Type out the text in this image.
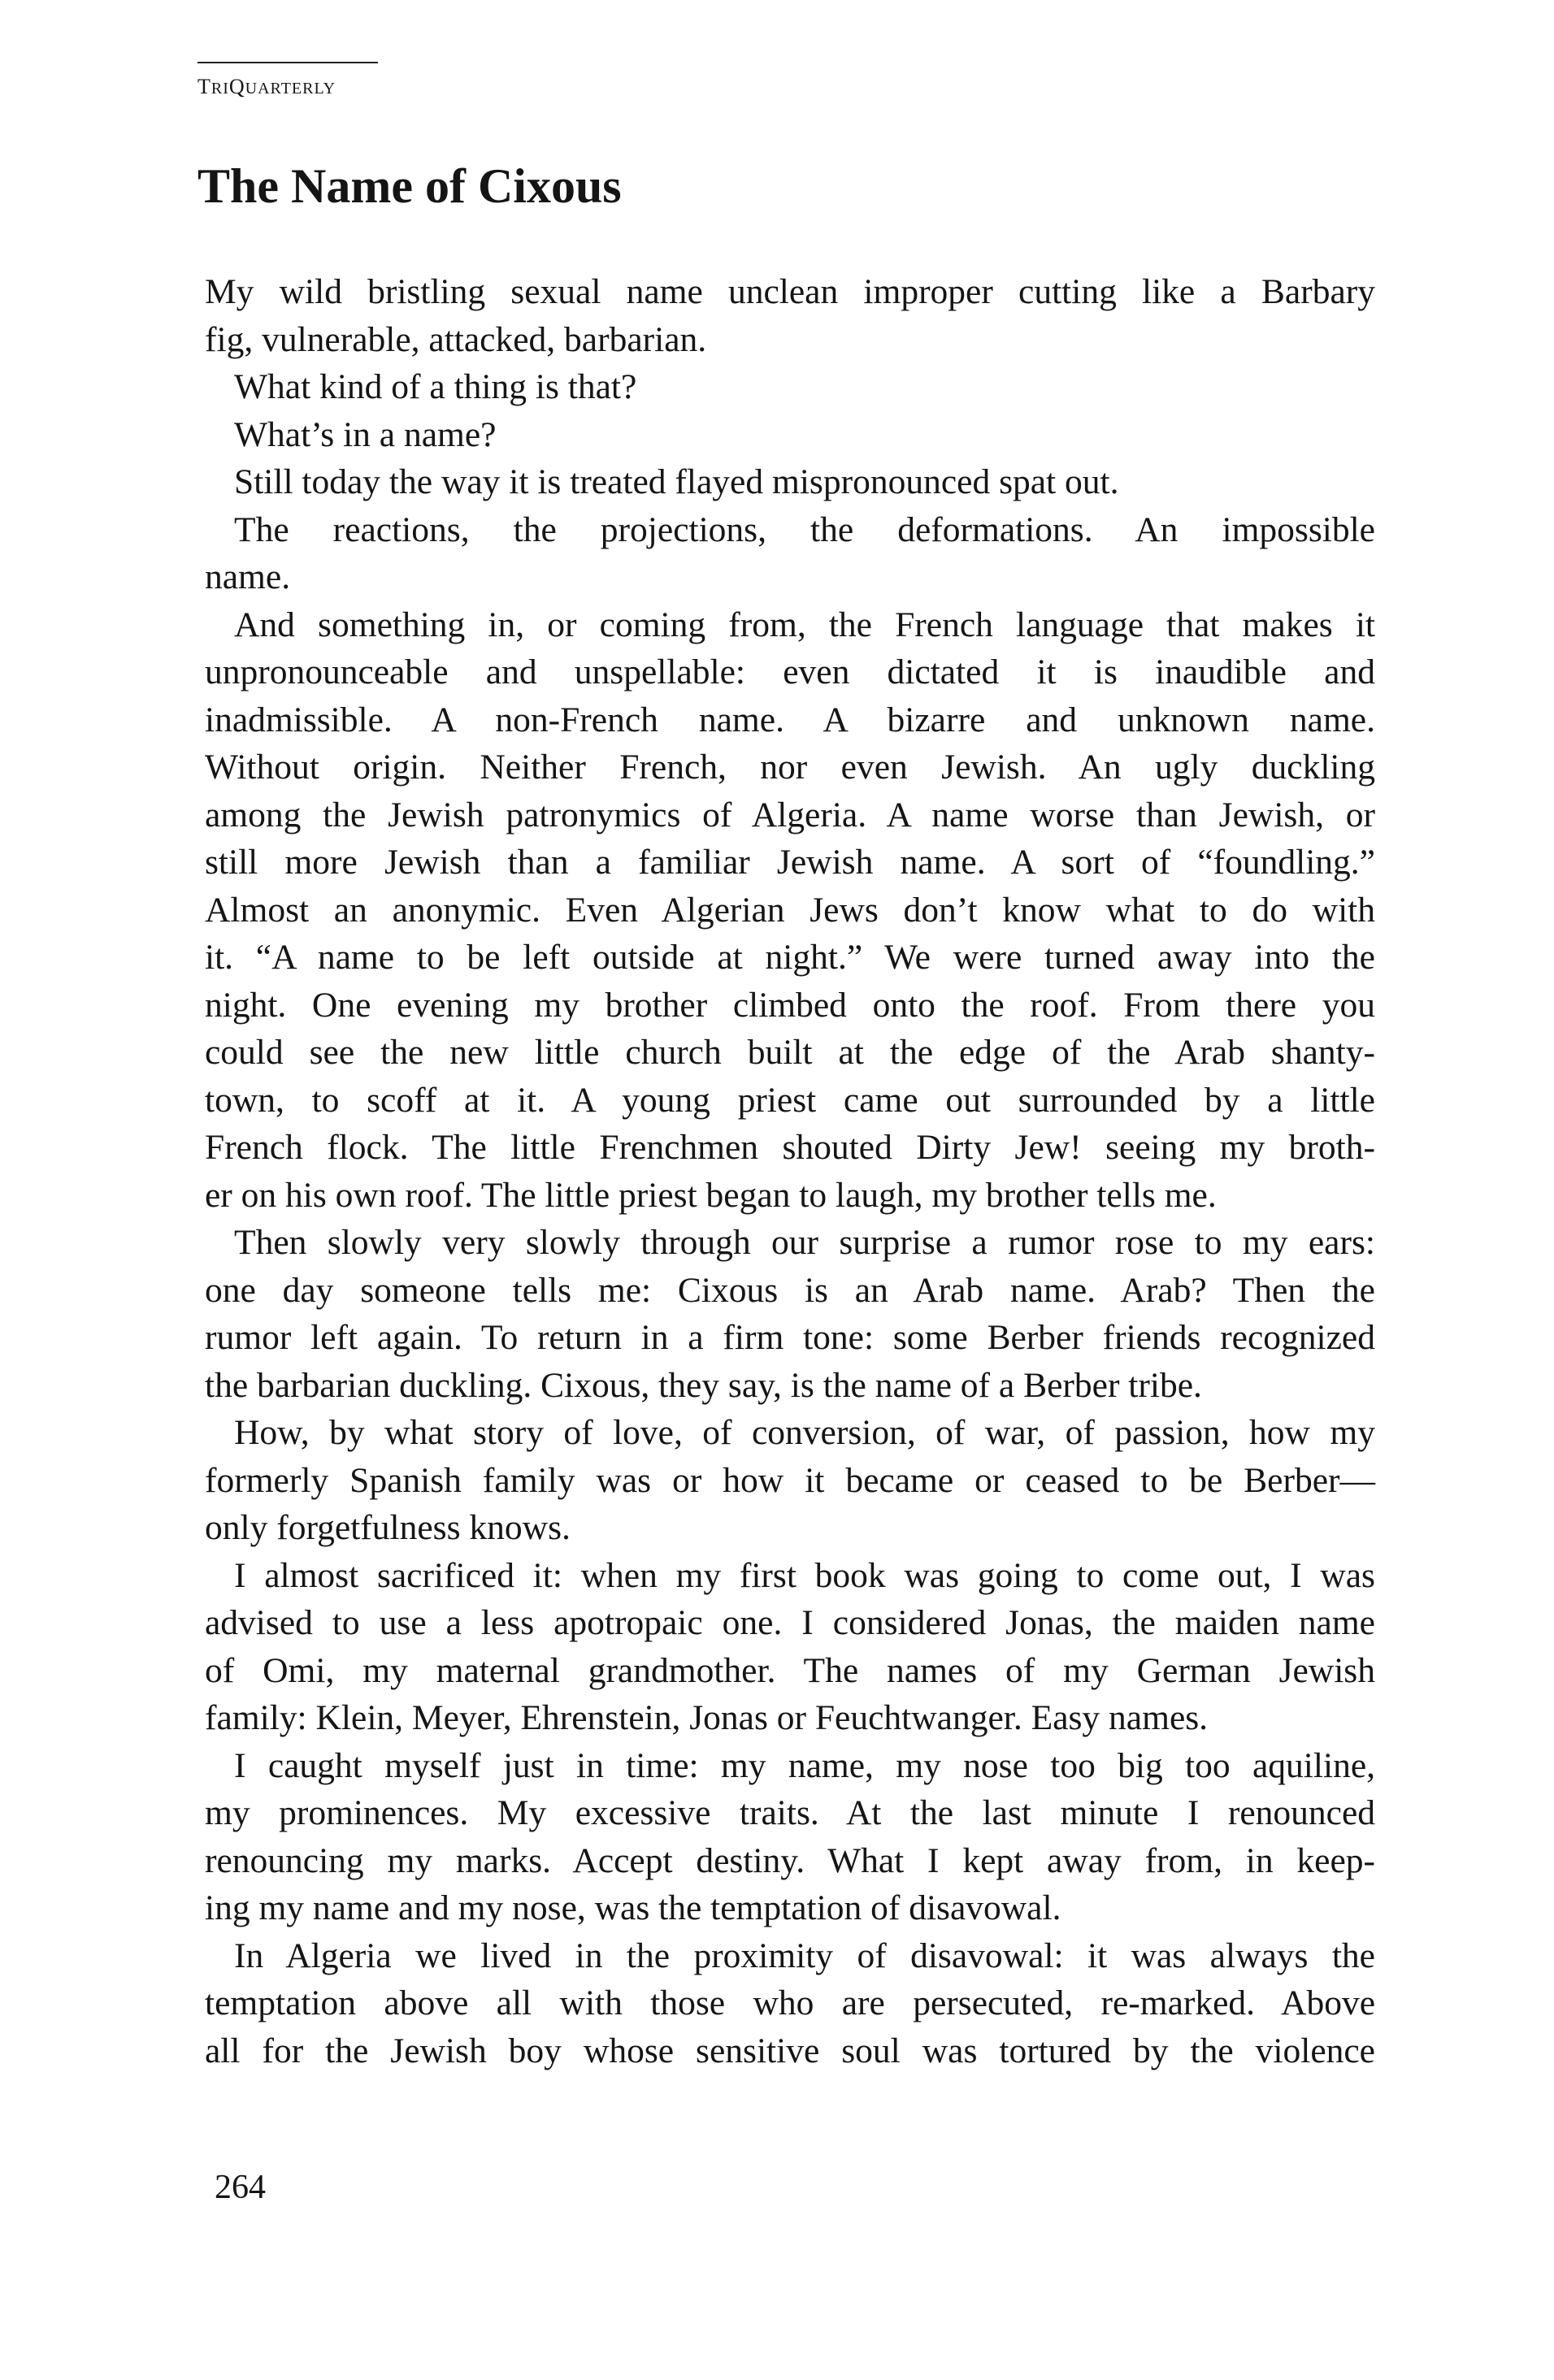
TRIQUARTERLY
The Name of Cixous
My wild bristling sexual name unclean improper cutting like a Barbary
fig, vulnerable, attacked, barbarian.
What kind of a thing is that?
What’s in a name?
Still today the way it is treated flayed mispronounced spat out.
The reactions, the projections, the deformations. An impossible
name.
And something in, or coming from, the French language that makes it
unpronounceable and unspellable: even dictated it is inaudible and
inadmissible. A non-French name. A bizarre and unknown name.
Without origin. Neither French, nor even Jewish. An ugly duckling
among the Jewish patronymics of Algeria. A name worse than Jewish, or
still more Jewish than a familiar Jewish name. A sort of “foundling.”
Almost an anonymic. Even Algerian Jews don’t know what to do with
it. “A name to be left outside at night.” We were turned away into the
night. One evening my brother climbed onto the roof. From there you
could see the new little church built at the edge of the Arab shanty-
town, to scoff at it. A young priest came out surrounded by a little
French flock. The little Frenchmen shouted Dirty Jew! seeing my broth-
er on his own roof. The little priest began to laugh, my brother tells me.
Then slowly very slowly through our surprise a rumor rose to my ears:
one day someone tells me: Cixous is an Arab name. Arab? Then the
rumor left again. To return in a firm tone: some Berber friends recognized
the barbarian duckling. Cixous, they say, is the name of a Berber tribe.
How, by what story of love, of conversion, of war, of passion, how my
formerly Spanish family was or how it became or ceased to be Berber—
only forgetfulness knows.
I almost sacrificed it: when my first book was going to come out, I was
advised to use a less apotropaic one. I considered Jonas, the maiden name
of Omi, my maternal grandmother. The names of my German Jewish
family: Klein, Meyer, Ehrenstein, Jonas or Feuchtwanger. Easy names.
I caught myself just in time: my name, my nose too big too aquiline,
my prominences. My excessive traits. At the last minute I renounced
renouncing my marks. Accept destiny. What I kept away from, in keep-
ing my name and my nose, was the temptation of disavowal.
In Algeria we lived in the proximity of disavowal: it was always the
temptation above all with those who are persecuted, re-marked. Above
all for the Jewish boy whose sensitive soul was tortured by the violence
264
